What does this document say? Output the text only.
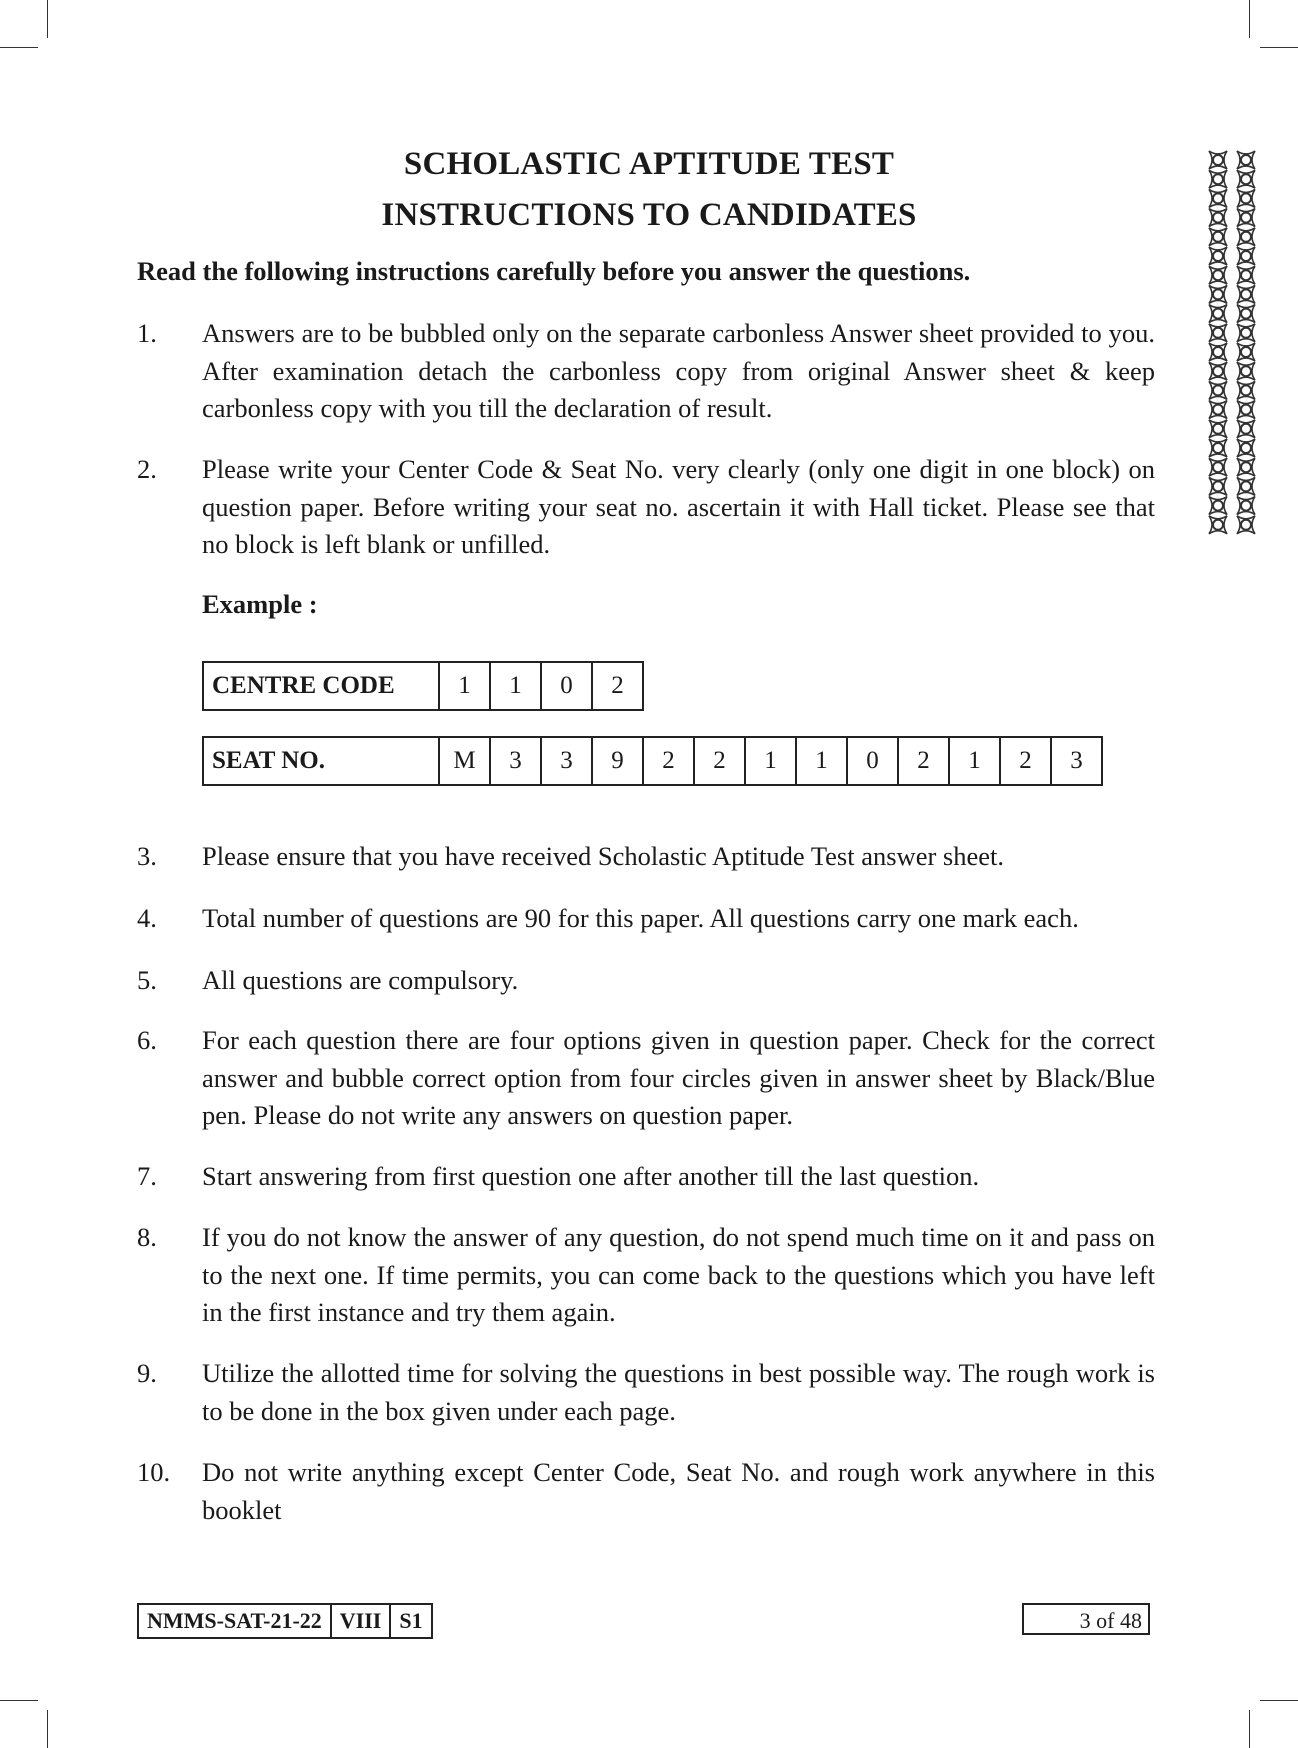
SCHOLASTIC APTITUDE TEST
INSTRUCTIONS TO CANDIDATES
Read the following instructions carefully before you answer the questions.
1. Answers are to be bubbled only on the separate carbonless Answer sheet provided to you. After examination detach the carbonless copy from original Answer sheet & keep carbonless copy with you till the declaration of result.
2. Please write your Center Code & Seat No. very clearly (only one digit in one block) on question paper. Before writing your seat no. ascertain it with Hall ticket. Please see that no block is left blank or unfilled.
Example :
CENTRE CODE	1	1	0	2
SEAT NO.	M	3	3	9	2	2	1	1	0	2	1	2	3
3. Please ensure that you have received Scholastic Aptitude Test answer sheet.
4. Total number of questions are 90 for this paper. All questions carry one mark each.
5. All questions are compulsory.
6. For each question there are four options given in question paper. Check for the correct answer and bubble correct option from four circles given in answer sheet by Black/Blue pen. Please do not write any answers on question paper.
7. Start answering from first question one after another till the last question.
8. If you do not know the answer of any question, do not spend much time on it and pass on to the next one. If time permits, you can come back to the questions which you have left in the first instance and try them again.
9. Utilize the allotted time for solving the questions in best possible way. The rough work is to be done in the box given under each page.
10. Do not write anything except Center Code, Seat No. and rough work anywhere in this booklet
NMMS-SAT-21-22	VIII	S1	3 of 48
